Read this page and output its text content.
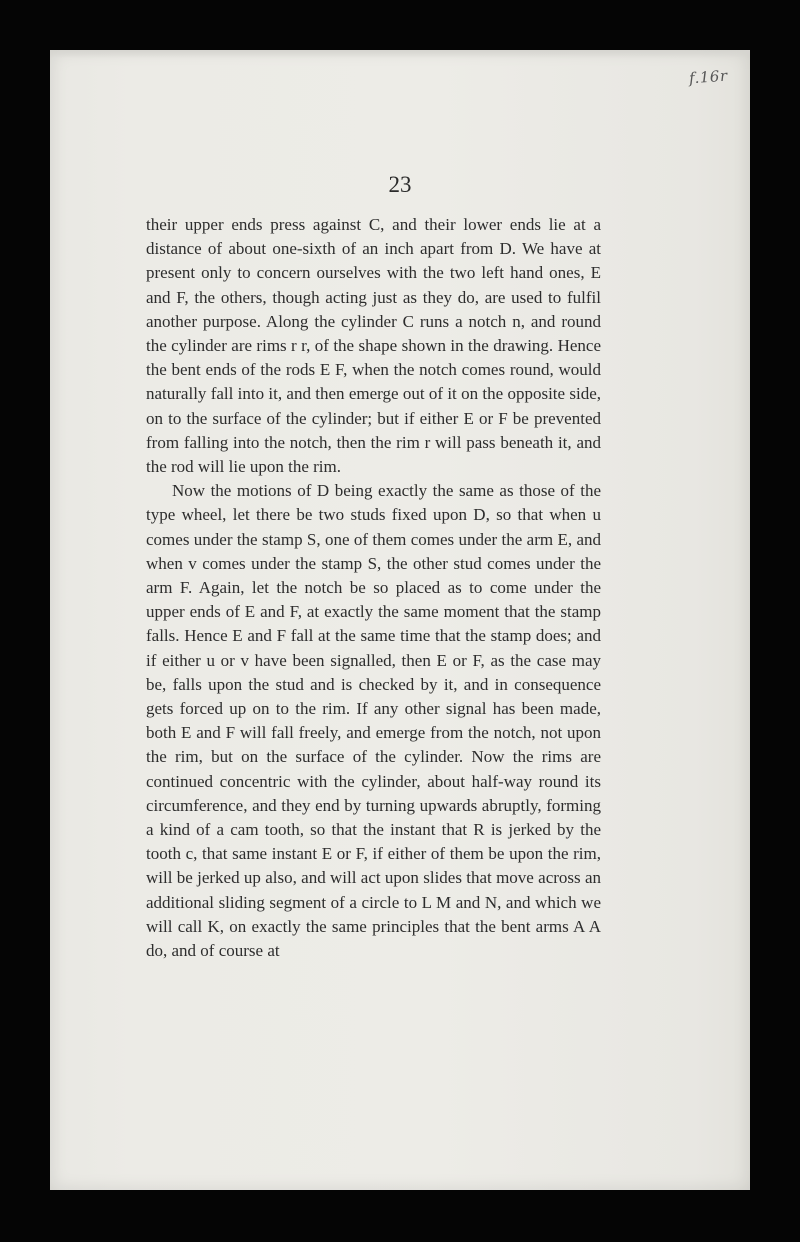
f.16r
23

their upper ends press against C, and their lower ends lie at a distance of about one-sixth of an inch apart from D. We have at present only to concern ourselves with the two left hand ones, E and F, the others, though acting just as they do, are used to fulfil another purpose. Along the cylinder C runs a notch n, and round the cylinder are rims r r, of the shape shown in the drawing. Hence the bent ends of the rods E F, when the notch comes round, would naturally fall into it, and then emerge out of it on the opposite side, on to the surface of the cylinder; but if either E or F be prevented from falling into the notch, then the rim r will pass beneath it, and the rod will lie upon the rim.

Now the motions of D being exactly the same as those of the type wheel, let there be two studs fixed upon D, so that when u comes under the stamp S, one of them comes under the arm E, and when v comes under the stamp S, the other stud comes under the arm F. Again, let the notch be so placed as to come under the upper ends of E and F, at exactly the same moment that the stamp falls. Hence E and F fall at the same time that the stamp does; and if either u or v have been signalled, then E or F, as the case may be, falls upon the stud and is checked by it, and in consequence gets forced up on to the rim. If any other signal has been made, both E and F will fall freely, and emerge from the notch, not upon the rim, but on the surface of the cylinder. Now the rims are continued concentric with the cylinder, about half-way round its circumference, and they end by turning upwards abruptly, forming a kind of a cam tooth, so that the instant that R is jerked by the tooth c, that same instant E or F, if either of them be upon the rim, will be jerked up also, and will act upon slides that move across an additional sliding segment of a circle to L M and N, and which we will call K, on exactly the same principles that the bent arms A A do, and of course at
